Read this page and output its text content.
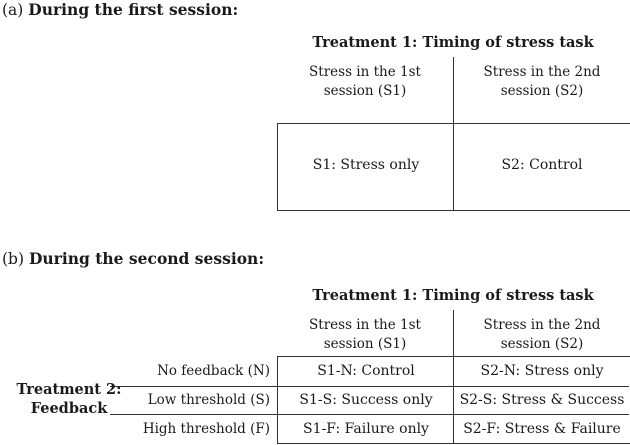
(a) During the first session:
Treatment 1: Timing of stress task
Stress in the 1st session (S1)
Stress in the 2nd session (S2)
S1: Stress only	S2: Control
(b) During the second session:
Treatment 1: Timing of stress task
Stress in the 1st session (S1)
Stress in the 2nd session (S2)
Treatment 2: Feedback
No feedback (N)	S1-N: Control	S2-N: Stress only
Low threshold (S)	S1-S: Success only	S2-S: Stress & Success
High threshold (F)	S1-F: Failure only	S2-F: Stress & Failure
